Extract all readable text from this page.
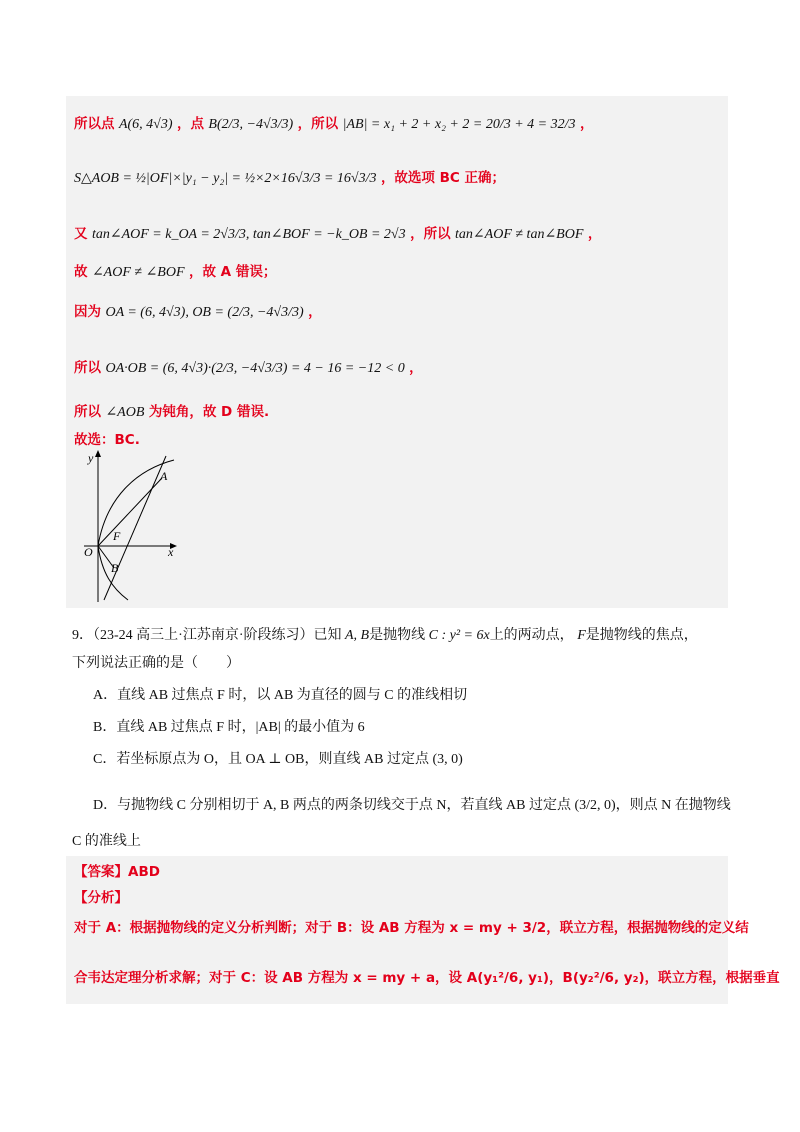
所以点 A(6, 4√3) ，点 B(2/3, −4√3/3) ，所以 |AB| = x₁ + 2 + x₂ + 2 = 20/3 + 4 = 32/3 ，
S△AOB = ½|OF|×|y₁ − y₂| = ½×2×16√3/3 = 16√3/3 ，故选项 BC 正确；
又 tan∠AOF = k_OA = 2√3/3, tan∠BOF = −k_OB = 2√3 ，所以 tan∠AOF ≠ tan∠BOF ，
故 ∠AOF ≠ ∠BOF ，故 A 错误；
因为 OA = (6, 4√3), OB = (2/3, −4√3/3) ，
所以 OA·OB = (6, 4√3)·(2/3, −4√3/3) = 4 − 16 = −12 < 0 ，
所以 ∠AOB 为钝角，故 D 错误.
故选：BC.
y
x
O
F
A
B
9．（23-24 高三上·江苏南京·阶段练习）已知 A, B是抛物线 C : y² = 6x上的两动点， F是抛物线的焦点，
下列说法正确的是（　　）
A．直线 AB 过焦点 F 时，以 AB 为直径的圆与 C 的准线相切
B．直线 AB 过焦点 F 时，|AB| 的最小值为 6
C．若坐标原点为 O，且 OA ⊥ OB，则直线 AB 过定点 (3, 0)
D．与抛物线 C 分别相切于 A, B 两点的两条切线交于点 N，若直线 AB 过定点 (3/2, 0)，则点 N 在抛物线
C 的准线上
【答案】ABD
【分析】
对于 A：根据抛物线的定义分析判断；对于 B：设 AB 方程为 x = my + 3/2，联立方程，根据抛物线的定义结
合韦达定理分析求解；对于 C：设 AB 方程为 x = my + a，设 A(y₁²/6, y₁)，B(y₂²/6, y₂)，联立方程，根据垂直
